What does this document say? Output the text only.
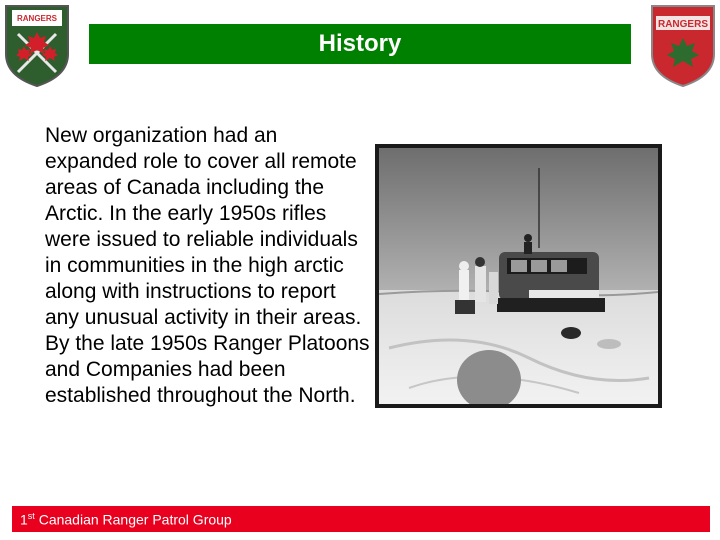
RANGERS
History
RANGERS
New organization had an expanded role to cover all remote areas of Canada including the Arctic. In the early 1950s rifles were issued to reliable individuals in communities in the high arctic along with instructions to report any unusual activity in their areas. By the late 1950s Ranger Platoons and Companies had been established throughout the North.
1st Canadian Ranger Patrol Group
